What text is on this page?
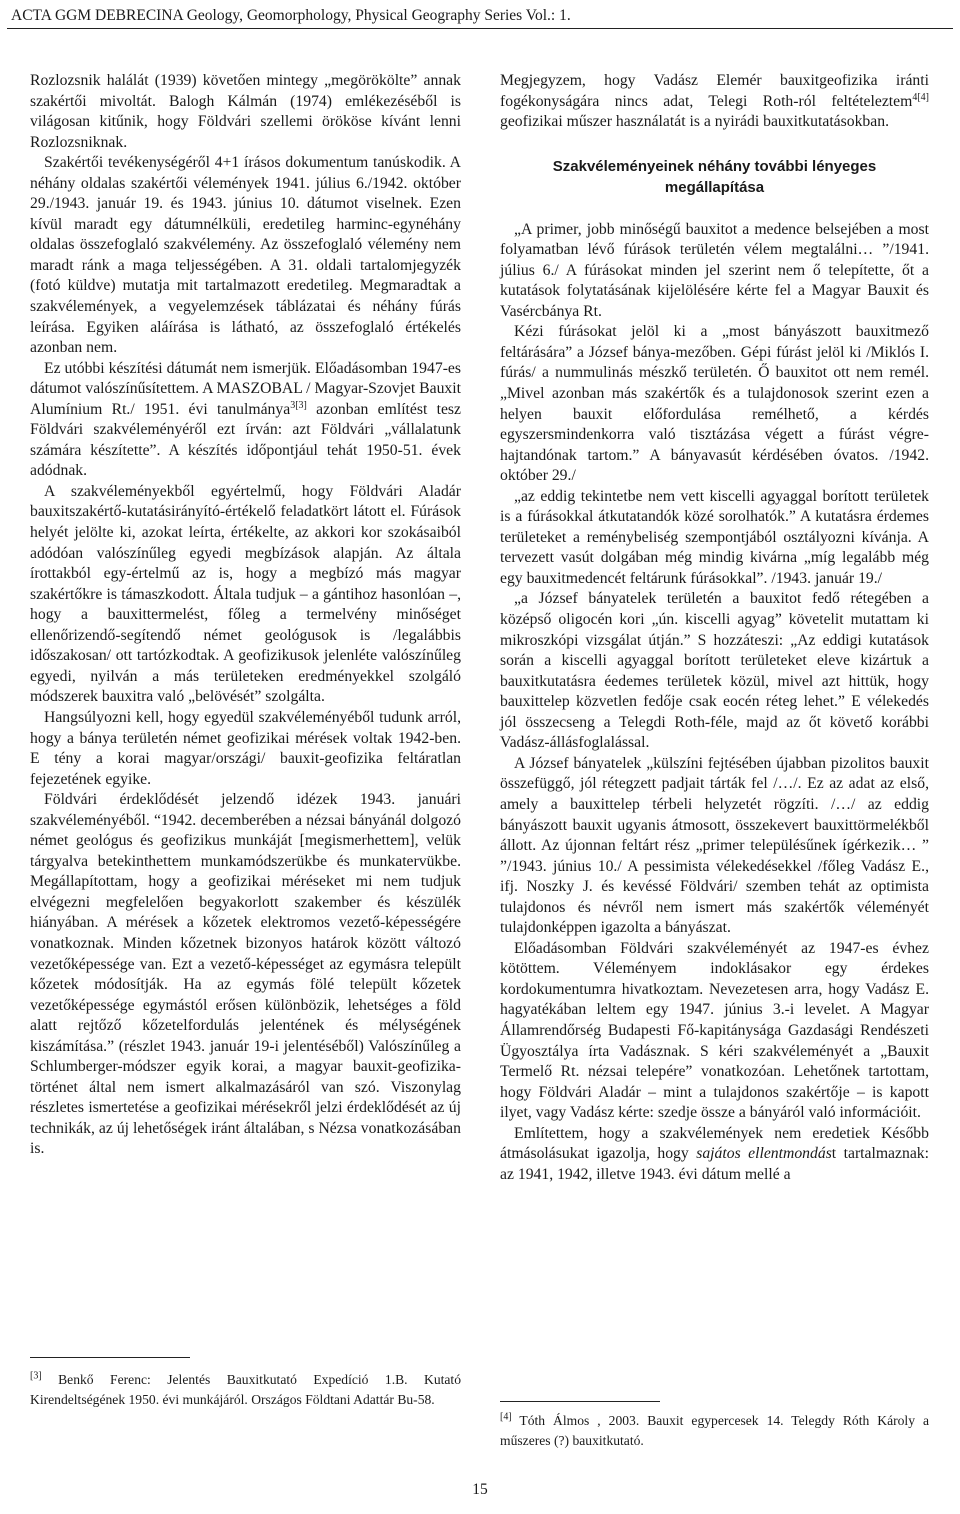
ACTA GGM DEBRECINA Geology, Geomorphology, Physical Geography Series Vol.: 1.

Rozlozsnik halálát (1939) követően mintegy „megörökölte” annak szakértői mivoltát. Balogh Kálmán (1974) emlékezéséből is világosan kitűnik, hogy Földvári szellemi örököse kívánt lenni Rozlozsniknak.

Szakértői tevékenységéről 4+1 írásos dokumentum tanúskodik. A néhány oldalas szakértői vélemények 1941. július 6./1942. október 29./1943. január 19. és 1943. június 10. dátumot viselnek. Ezen kívül maradt egy dátumnélküli, eredetileg harminc-egynéhány oldalas összefoglaló szakvélemény. Az összefoglaló vélemény nem maradt ránk a maga teljességében. A 31. oldali tartalomjegyzék (fotó küldve) mutatja mit tartalmazott eredetileg. Megmaradtak a szakvélemények, a vegyelemzések táblázatai és néhány fúrás leírása. Egyiken aláírása is látható, az összefoglaló értékelés azonban nem.

Ez utóbbi készítési dátumát nem ismerjük. Előadásomban 1947-es dátumot valószínűsítettem. A MASZOBAL / Magyar-Szovjet Bauxit Alumínium Rt./ 1951. évi tanulmánya$^{3[3]}$ azonban említést tesz Földvári szakvéleményéről ezt írván: azt Földvári „vállalatunk számára készítette”. A készítés időpontjául tehát 1950-51. évek adódnak.

A szakvéleményekből egyértelmű, hogy Földvári Aladár bauxitszakértő-kutatásirányító-értékelő feladatkört látott el. Fúrások helyét jelölte ki, azokat leírta, értékelte, az akkori kor szokásaiból adódóan valószínűleg egyedi megbízások alapján. Az általa írottakból egy-értelmű az is, hogy a megbízó más magyar szakértőkre is támaszkodott. Általa tudjuk – a gántihoz hasonlóan –, hogy a bauxittermelést, főleg a termelvény minőséget ellenőrizendő-segítendő német geológusok is /legalábbis időszakosan/ ott tartózkodtak. A geofizikusok jelenléte valószínűleg egyedi, nyilván a más területeken eredményekkel szolgáló módszerek bauxitra való „belövését” szolgálta.

Hangsúlyozni kell, hogy egyedül szakvéleményéből tudunk arról, hogy a bánya területén német geofizikai mérések voltak 1942-ben. E tény a korai magyar/országi/ bauxit-geofizika feltáratlan fejezetének egyike.

Földvári érdeklődését jelzendő idézek 1943. januári szakvéleményéből. “1942. decemberében a nézsai bányánál dolgozó német geológus és geofizikus munkáját [megismerhettem], velük tárgyalva betekinthettem munkamódszerükbe és munkatervükbe. Megállapítottam, hogy a geofizikai méréseket mi nem tudjuk elvégezni megfelelően begyakorlott szakember és készülék hiányában. A mérések a kőzetek elektromos vezető-képességére vonatkoznak. Minden kőzetnek bizonyos határok között változó vezetőképessége van. Ezt a vezető-képességet az egymásra települt kőzetek módosítják. Ha az egymás fölé települt kőzetek vezetőképessége egymástól erősen különbözik, lehetséges a föld alatt rejtőző kőzetelfordulás jelentének és mélységének kiszámítása.” (részlet 1943. január 19-i jelentéséből) Valószínűleg a Schlumberger-módszer egyik korai, a magyar bauxit-geofizika-történet által nem ismert alkalmazásáról van szó. Viszonylag részletes ismertetése a geofizikai mérésekről jelzi érdeklődését az új technikák, az új lehetőségek iránt általában, s Nézsa vonatkozásában is.

[3] Benkő Ferenc: Jelentés Bauxitkutató Expedíció 1.B. Kutató Kirendeltségének 1950. évi munkájáról. Országos Földtani Adattár Bu-58.

Megjegyzem, hogy Vadász Elemér bauxitgeofizika iránti fogékonyságára nincs adat, Telegi Roth-ról feltételeztem$^{4[4]}$ geofizikai műszer használatát is a nyirádi bauxitkutatásokban.

Szakvéleményeinek néhány további lényeges
megállapítása

„A primer, jobb minőségű bauxitot a medence belsejében a most folyamatban lévő fúrások területén vélem megtalálni… ”/1941. július 6./ A fúrásokat minden jel szerint nem ő telepítette, őt a kutatások folytatásának kijelölésére kérte fel a Magyar Bauxit és Vasércbánya Rt.

Kézi fúrásokat jelöl ki a „most bányászott bauxitmező feltárására” a József bánya-mezőben. Gépi fúrást jelöl ki /Miklós I. fúrás/ a nummulinás mészkő területén. Ő bauxitot ott nem remél. „Mivel azonban más szakértők és a tulajdonosok szerint ezen a helyen bauxit előfordulása remélhető, a kérdés egyszersmindenkorra való tisztázása végett a fúrást végre-hajtandónak tartom.” A bányavasút kérdésében óvatos. /1942. október 29./

„az eddig tekintetbe nem vett kiscelli agyaggal borított területek is a fúrásokkal átkutatandók közé sorolhatók.” A kutatásra érdemes területeket a reménybeliség szempontjából osztályozni kívánja. A tervezett vasút dolgában még mindig kivárna „míg legalább még egy bauxitmedencét feltárunk fúrásokkal”. /1943. január 19./

„a József bányatelek területén a bauxitot fedő rétegében a középső oligocén kori „ún. kiscelli agyag” követelit mutattam ki mikroszkópi vizsgálat útján.” S hozzáteszi: „Az eddigi kutatások során a kiscelli agyaggal borított területeket eleve kizártuk a bauxitkutatásra éedemes területek közül, mivel azt hittük, hogy bauxittelep közvetlen fedője csak eocén réteg lehet.” E vélekedés jól összecseng a Telegdi Roth-féle, majd az őt követő korábbi Vadász-állásfoglalással.

A József bányatelek „külszíni fejtésében újabban pizolitos bauxit összefüggő, jól rétegzett padjait tárták fel /…/. Ez az adat az első, amely a bauxittelep térbeli helyzetét rögzíti. /…/ az eddig bányászott bauxit ugyanis átmosott, összekevert bauxittörmelékből állott. Az újonnan feltárt rész „primer településűnek ígérkezik… ” ”/1943. június 10./ A pessimista vélekedésekkel /főleg Vadász E., ifj. Noszky J. és kevéssé Földvári/ szemben tehát az optimista tulajdonos és névről nem ismert más szakértők véleményét tulajdonképpen igazolta a bányászat.

Előadásomban Földvári szakvéleményét az 1947-es évhez kötöttem. Véleményem indoklásakor egy érdekes kordokumentumra hivatkoztam. Nevezetesen arra, hogy Vadász E. hagyatékában leltem egy 1947. június 3.-i levelet. A Magyar Államrendőrség Budapesti Fő-kapitánysága Gazdasági Rendészeti Ügyosztálya írta Vadásznak. S kéri szakvéleményét a „Bauxit Termelő Rt. nézsai telepére” vonatkozóan. Lehetőnek tartottam, hogy Földvári Aladár – mint a tulajdonos szakértője – is kapott ilyet, vagy Vadász kérte: szedje össze a bányáról való információit.

Említettem, hogy a szakvélemények nem eredetiek Később átmásolásukat igazolja, hogy sajátos ellentmondást tartalmaznak: az 1941, 1942, illetve 1943. évi dátum mellé a

[4] Tóth Álmos , 2003. Bauxit egypercesek 14. Telegdy Róth Károly a műszeres (?) bauxitkutató.
15
